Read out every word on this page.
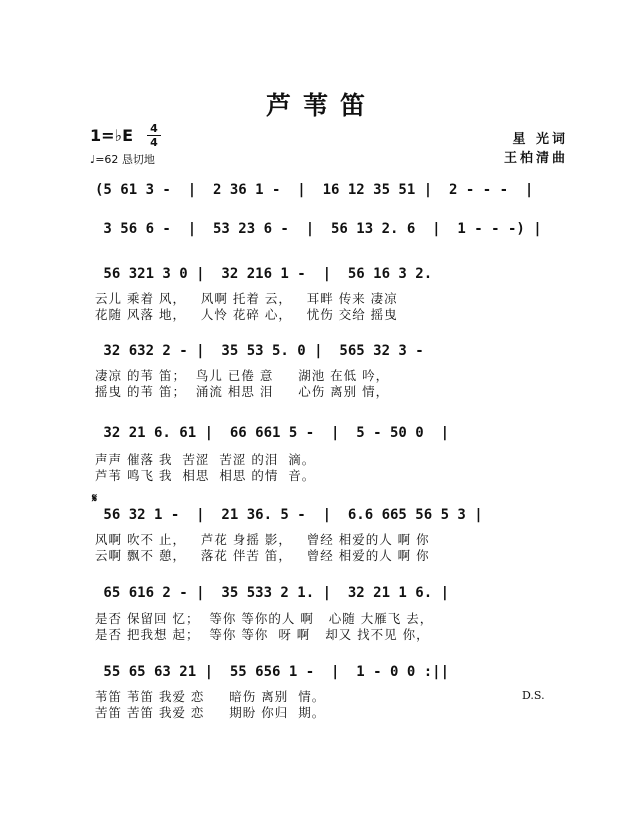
芦苇笛
1=♭E 4
4
♩=62 恳切地
星 光词
王柏清曲
(5 61 3 -  |  2 36 1 -  |  16 12 35 51 |  2 - - -  |
3 56 6 -  |  53 23 6 -  |  56 13 2. 6  |  1 - - -) |
56 321 3 0 |  32 216 1 -  |  56 16 3 2.
云儿 乘着 风，   风啊 托着 云，   耳畔 传来 凄凉
花随 风落 地，   人怜 花碎 心，   忧伤 交给 摇曳
32 632 2 - |  35 53 5. 0 |  565 32 3 -
凄凉 的苇 笛；  鸟儿 已倦 意     湖池 在低 吟，
摇曳 的苇 笛；  涌流 相思 泪     心伤 离别 情，
32 21 6. 61 |  66 661 5 -  |  5 - 50 0  |
声声 催落 我  苦涩  苦涩 的泪  滴。
芦苇 鸣飞 我  相思  相思 的情  音。
𝄋
56 32 1 -  |  21 36. 5 -  |  6.6 665 56 5 3 |
风啊 吹不 止，   芦花 身摇 影，   曾经 相爱的人 啊 你
云啊 飘不 憩，   落花 伴苦 笛，   曾经 相爱的人 啊 你
65 616 2 - |  35 533 2 1. |  32 21 1 6. |
是否 保留回 忆；  等你 等你的人 啊   心随 大雁飞 去，
是否 把我想 起；  等你 等你  呀 啊   却又 找不见 你，
55 65 63 21 |  55 656 1 -  |  1 - 0 0 :||
苇笛 苇笛 我爱 恋     暗伤 离别  情。
苦笛 苦笛 我爱 恋     期盼 你归  期。
D.S.
